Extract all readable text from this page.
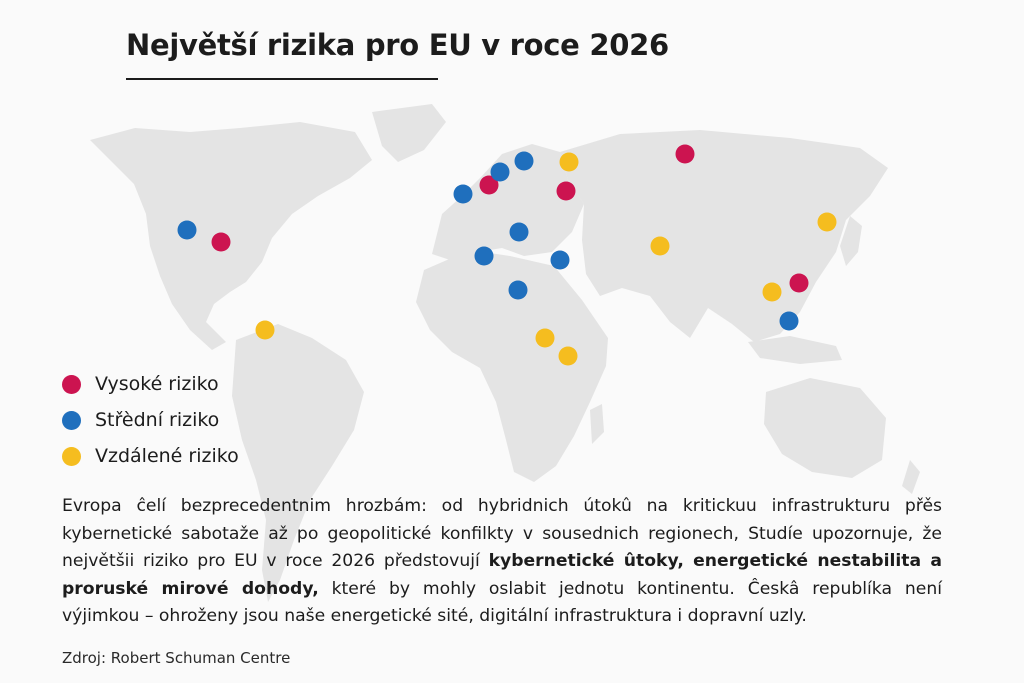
Největší rizika pro EU v roce 2026
Vysoké riziko
Střèdní riziko
Vzdálené riziko

Evropa ĉelí bezprecedentnim hrozbám: od hybridnich útokû na kritickuu infrastrukturu přěs kybernetické sabotaže až po geopolitické konfilkty v sousednich regionech, Studíe upozornuje, že největšii riziko pro EU v roce 2026 předstovují kybernetické ûtoky, energetické nestabilita a proruské mirové dohody, které by mohly oslabit jednotu kontinentu. Ĉeskâ republíka není výjimkou – ohroženy jsou naše energetické sité, digitální infrastruktura i dopravní uzly.

Zdroj: Robert Schuman Centre
